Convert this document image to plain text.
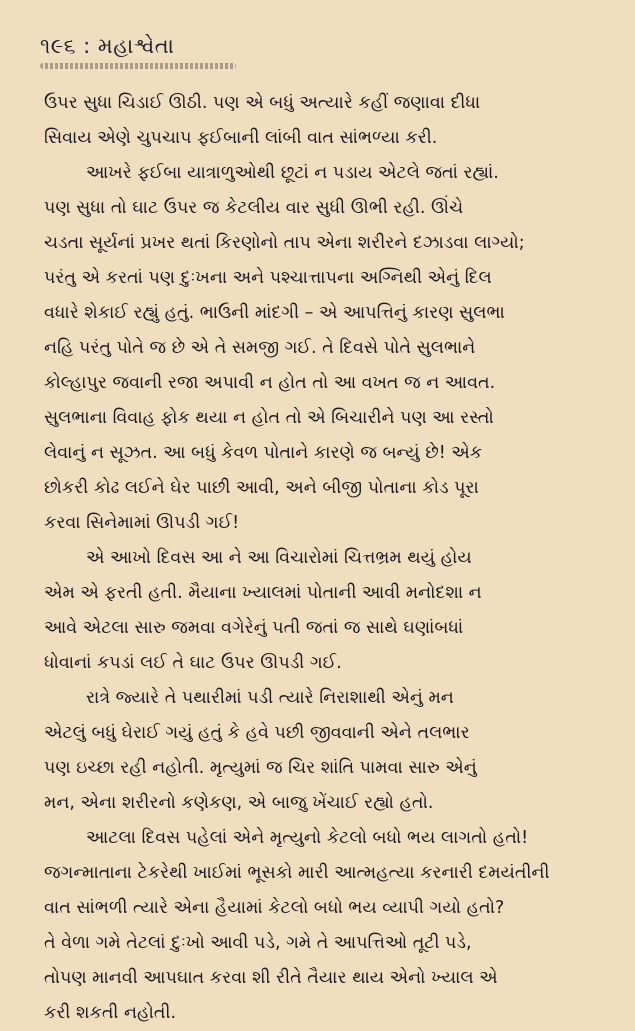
૧૯૬ : મહાશ્વેતા

ઉપર સુધા ચિડાઈ ઊઠી. પણ એ બધું અત્યારે કહીં જણાવા દીધા

સિવાય એણે ચુપચાપ ફઈબાની લાંબી વાત સાંભળ્યા કરી.

આખરે ફઈબા યાત્રાળુઓથી છૂટાં ન પડાય એટલે જતાં રહ્યાં.

પણ સુધા તો ઘાટ ઉપર જ કેટલીય વાર સુધી ઊભી રહી. ઊંચે

ચડતા સૂર્યનાં પ્રખર થતાં કિરણોનો તાપ એના શરીરને દઝાડવા લાગ્યો;

પરંતુ એ કરતાં પણ દુઃખના અને પશ્ચાત્તાપના અગ્નિથી એનું દિલ

વધારે શેકાઈ રહ્યું હતું. ભાઉની માંદગી – એ આપત્તિનું કારણ સુલભા

નહિ પરંતુ પોતે જ છે એ તે સમજી ગઈ. તે દિવસે પોતે સુલભાને

કોલ્હાપુર જવાની રજા અપાવી ન હોત તો આ વખત જ ન આવત.

સુલભાના વિવાહ ફોક થયા ન હોત તો એ બિચારીને પણ આ રસ્તો

લેવાનું ન સૂઝત. આ બધું કેવળ પોતાને કારણે જ બન્યું છે! એક

છોકરી કોઢ લઈને ઘેર પાછી આવી, અને બીજી પોતાના કોડ પૂરા

કરવા સિનેમામાં ઊપડી ગઈ!

એ આખો દિવસ આ ને આ વિચારોમાં ચિત્તભ્રમ થયું હોય

એમ એ ફરતી હતી. મૈયાના ખ્યાલમાં પોતાની આવી મનોદશા ન

આવે એટલા સારુ જમવા વગેરેનું પતી જતાં જ સાથે ઘણાંબધાં

ધોવાનાં કપડાં લઈ તે ઘાટ ઉપર ઊપડી ગઈ.

રાત્રે જ્યારે તે પથારીમાં પડી ત્યારે નિરાશાથી એનું મન

એટલું બધું ઘેરાઈ ગયું હતું કે હવે પછી જીવવાની એને તલભાર

પણ ઇચ્છા રહી નહોતી. મૃત્યુમાં જ ચિર શાંતિ પામવા સારુ એનું

મન, એના શરીરનો કણેકણ, એ બાજુ ખેંચાઈ રહ્યો હતો.

આટલા દિવસ પહેલાં એને મૃત્યુનો કેટલો બધો ભય લાગતો હતો!

જગન્માતાના ટેકરેથી ખાઈમાં ભૂસકો મારી આત્મહત્યા કરનારી દમયંતીની

વાત સાંભળી ત્યારે એના હૈયામાં કેટલો બધો ભય વ્યાપી ગયો હતો?

તે વેળા ગમે તેટલાં દુઃખો આવી પડે, ગમે તે આપત્તિઓ તૂટી પડે,

તોપણ માનવી આપઘાત કરવા શી રીતે તૈયાર થાય એનો ખ્યાલ એ

કરી શકતી નહોતી.
